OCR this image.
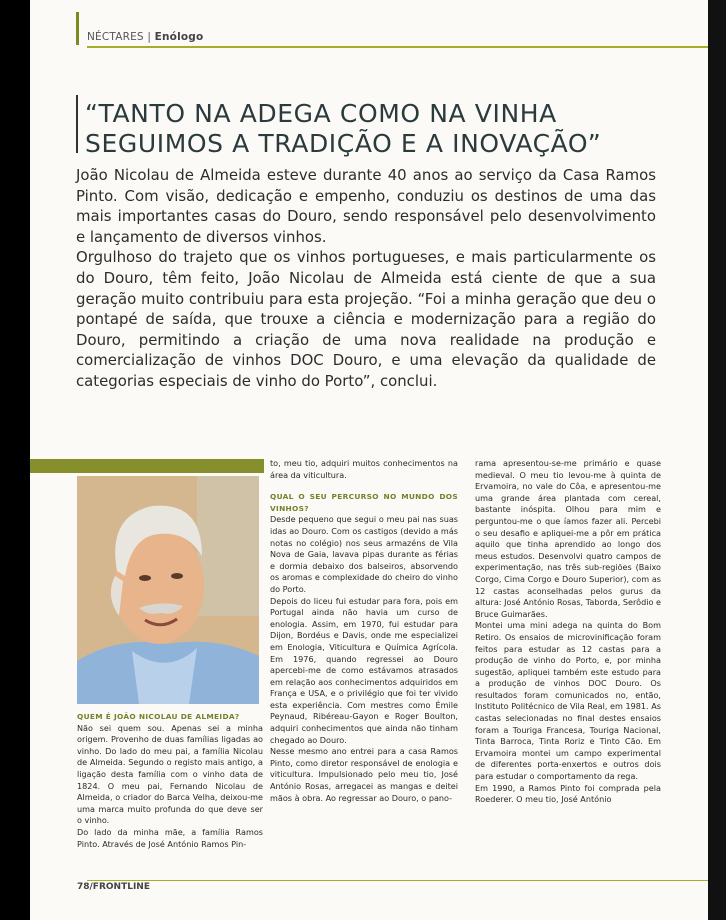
NÉCTARES | Enólogo
“TANTO NA ADEGA COMO NA VINHA
SEGUIMOS A TRADIÇÃO E A INOVAÇÃO”

João Nicolau de Almeida esteve durante 40 anos ao serviço da Casa Ramos Pinto. Com visão, dedicação e empenho, conduziu os destinos de uma das mais importantes casas do Douro, sendo responsável pelo desenvolvimento e lançamento de diversos vinhos.

Orgulhoso do trajeto que os vinhos portugueses, e mais particularmente os do Douro, têm feito, João Nicolau de Almeida está ciente de que a sua geração muito contribuiu para esta projeção. “Foi a minha geração que deu o pontapé de saída, que trouxe a ciência e modernização para a região do Douro, permitindo a criação de uma nova realidade na produção e comercialização de vinhos DOC Douro, e uma elevação da qualidade de categorias especiais de vinho do Porto”, conclui.

QUEM É JOÃO NICOLAU DE ALMEIDA?

Não sei quem sou. Apenas sei a minha origem. Provenho de duas famílias ligadas ao vinho. Do lado do meu pai, a família Nicolau de Almeida. Segundo o registo mais antigo, a ligação desta família com o vinho data de 1824. O meu pai, Fernando Nicolau de Almeida, o criador do Barca Velha, deixou-me uma marca muito profunda do que deve ser o vinho.

Do lado da minha mãe, a família Ramos Pinto. Através de José António Ramos Pin-

to, meu tio, adquiri muitos conhecimentos na área da viticultura.

QUAL O SEU PERCURSO NO MUNDO DOS VINHOS?

Desde pequeno que segui o meu pai nas suas idas ao Douro. Com os castigos (devido a más notas no colégio) nos seus armazéns de Vila Nova de Gaia, lavava pipas durante as férias e dormia debaixo dos balseiros, absorvendo os aromas e complexidade do cheiro do vinho do Porto.

Depois do liceu fui estudar para fora, pois em Portugal ainda não havia um curso de enologia. Assim, em 1970, fui estudar para Dijon, Bordéus e Davis, onde me especializei em Enologia, Viticultura e Química Agrícola. Em 1976, quando regressei ao Douro apercebi-me de como estávamos atrasados em relação aos conhecimentos adquiridos em França e USA, e o privilégio que foi ter vivido esta experiência. Com mestres como Émile Peynaud, Ribéreau-Gayon e Roger Boulton, adquiri conhecimentos que ainda não tinham chegado ao Douro.

Nesse mesmo ano entrei para a casa Ramos Pinto, como diretor responsável de enologia e viticultura. Impulsionado pelo meu tio, José António Rosas, arregacei as mangas e deitei mãos à obra. Ao regressar ao Douro, o pano-

rama apresentou-se-me primário e quase medieval. O meu tio levou-me à quinta de Ervamoira, no vale do Côa, e apresentou-me uma grande área plantada com cereal, bastante inóspita. Olhou para mim e perguntou-me o que íamos fazer ali. Percebi o seu desafio e apliquei-me a pôr em prática aquilo que tinha aprendido ao longo dos meus estudos. Desenvolvi quatro campos de experimentação, nas três sub-regiões (Baixo Corgo, Cima Corgo e Douro Superior), com as 12 castas aconselhadas pelos gurus da altura: José António Rosas, Taborda, Serôdio e Bruce Guimarães.

Montei uma mini adega na quinta do Bom Retiro. Os ensaios de microvinificação foram feitos para estudar as 12 castas para a produção de vinho do Porto, e, por minha sugestão, apliquei também este estudo para a produção de vinhos DOC Douro. Os resultados foram comunicados no, então, Instituto Politécnico de Vila Real, em 1981. As castas selecionadas no final destes ensaios foram a Touriga Francesa, Touriga Nacional, Tinta Barroca, Tinta Roriz e Tinto Cão. Em Ervamoira montei um campo experimental de diferentes porta-enxertos e outros dois para estudar o comportamento da rega.

Em 1990, a Ramos Pinto foi comprada pela Roederer. O meu tio, José António

78/FRONTLINE
